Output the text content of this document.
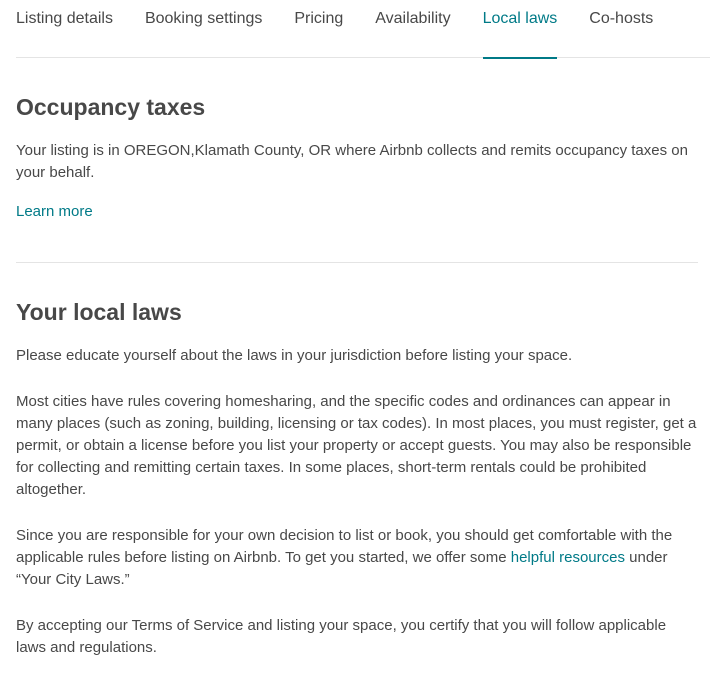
Listing details Booking settings Pricing Availability Local laws Co-hosts
Occupancy taxes

Your listing is in OREGON,Klamath County, OR where Airbnb collects and remits occupancy taxes on your behalf.

Learn more
Your local laws

Please educate yourself about the laws in your jurisdiction before listing your space.

Most cities have rules covering homesharing, and the specific codes and ordinances can appear in many places (such as zoning, building, licensing or tax codes). In most places, you must register, get a permit, or obtain a license before you list your property or accept guests. You may also be responsible for collecting and remitting certain taxes. In some places, short-term rentals could be prohibited altogether.

Since you are responsible for your own decision to list or book, you should get comfortable with the applicable rules before listing on Airbnb. To get you started, we offer some helpful resources under “Your City Laws.”

By accepting our Terms of Service and listing your space, you certify that you will follow applicable laws and regulations.
